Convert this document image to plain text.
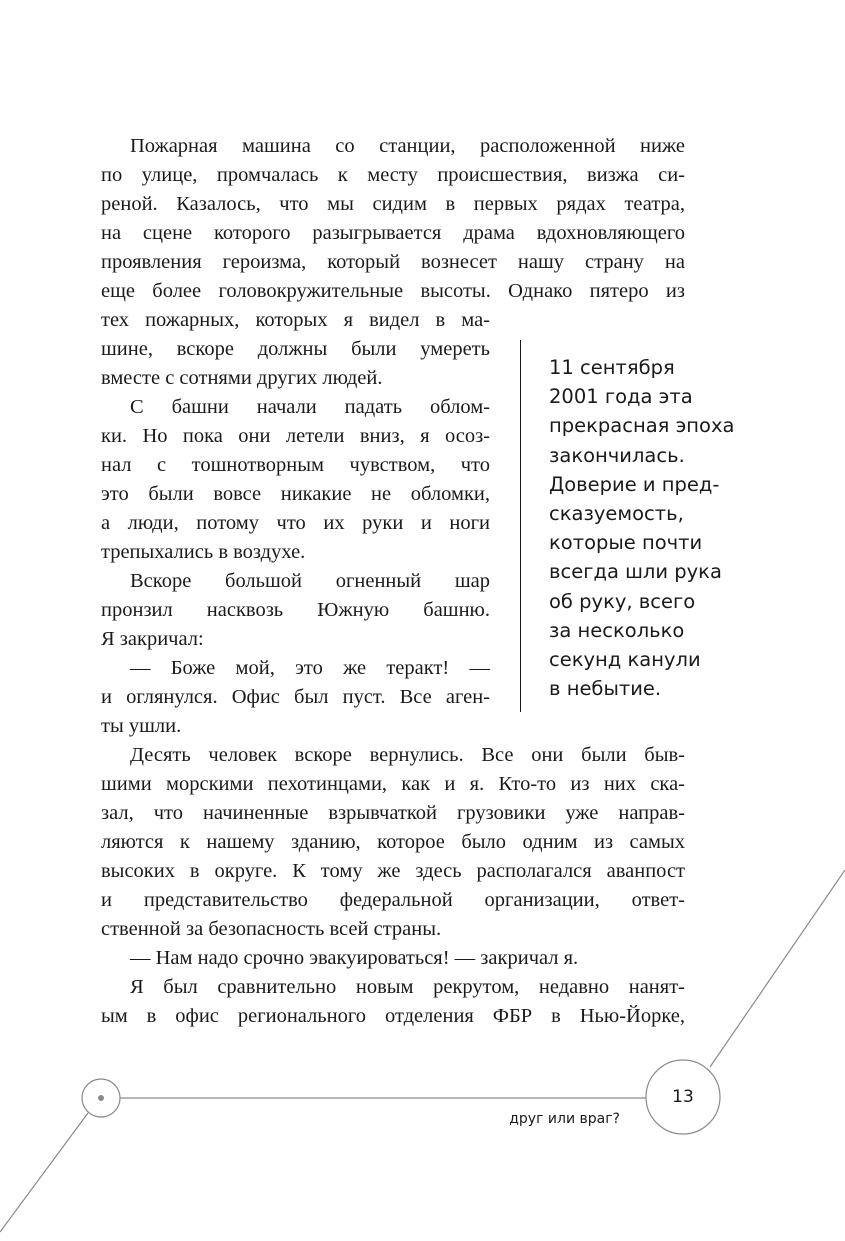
Пожарная машина со станции, расположенной ниже
по улице, промчалась к месту происшествия, визжа си-
реной. Казалось, что мы сидим в первых рядах театра,
на сцене которого разыгрывается драма вдохновляющего
проявления героизма, который вознесет нашу страну на
еще более головокружительные высоты. Однако пятеро из
тех пожарных, которых я видел в ма-
шине, вскоре должны были умереть
вместе с сотнями других людей.
С башни начали падать облом-
ки. Но пока они летели вниз, я осоз-
нал с тошнотворным чувством, что
это были вовсе никакие не обломки,
а люди, потому что их руки и ноги
трепыхались в воздухе.
Вскоре большой огненный шар
пронзил насквозь Южную башню.
Я закричал:
— Боже мой, это же теракт! —
и оглянулся. Офис был пуст. Все аген-
ты ушли.
Десять человек вскоре вернулись. Все они были быв-
шими морскими пехотинцами, как и я. Кто-то из них ска-
зал, что начиненные взрывчаткой грузовики уже направ-
ляются к нашему зданию, которое было одним из самых
высоких в округе. К тому же здесь располагался аванпост
и представительство федеральной организации, ответ-
ственной за безопасность всей страны.
— Нам надо срочно эвакуироваться! — закричал я.
Я был сравнительно новым рекрутом, недавно нанят-
ым в офис регионального отделения ФБР в Нью-Йорке,
11 сентября
2001 года эта
прекрасная эпоха
закончилась.
Доверие и пред-
сказуемость,
которые почти
всегда шли рука
об руку, всего
за несколько
секунд канули
в небытие.
13
друг или враг?
